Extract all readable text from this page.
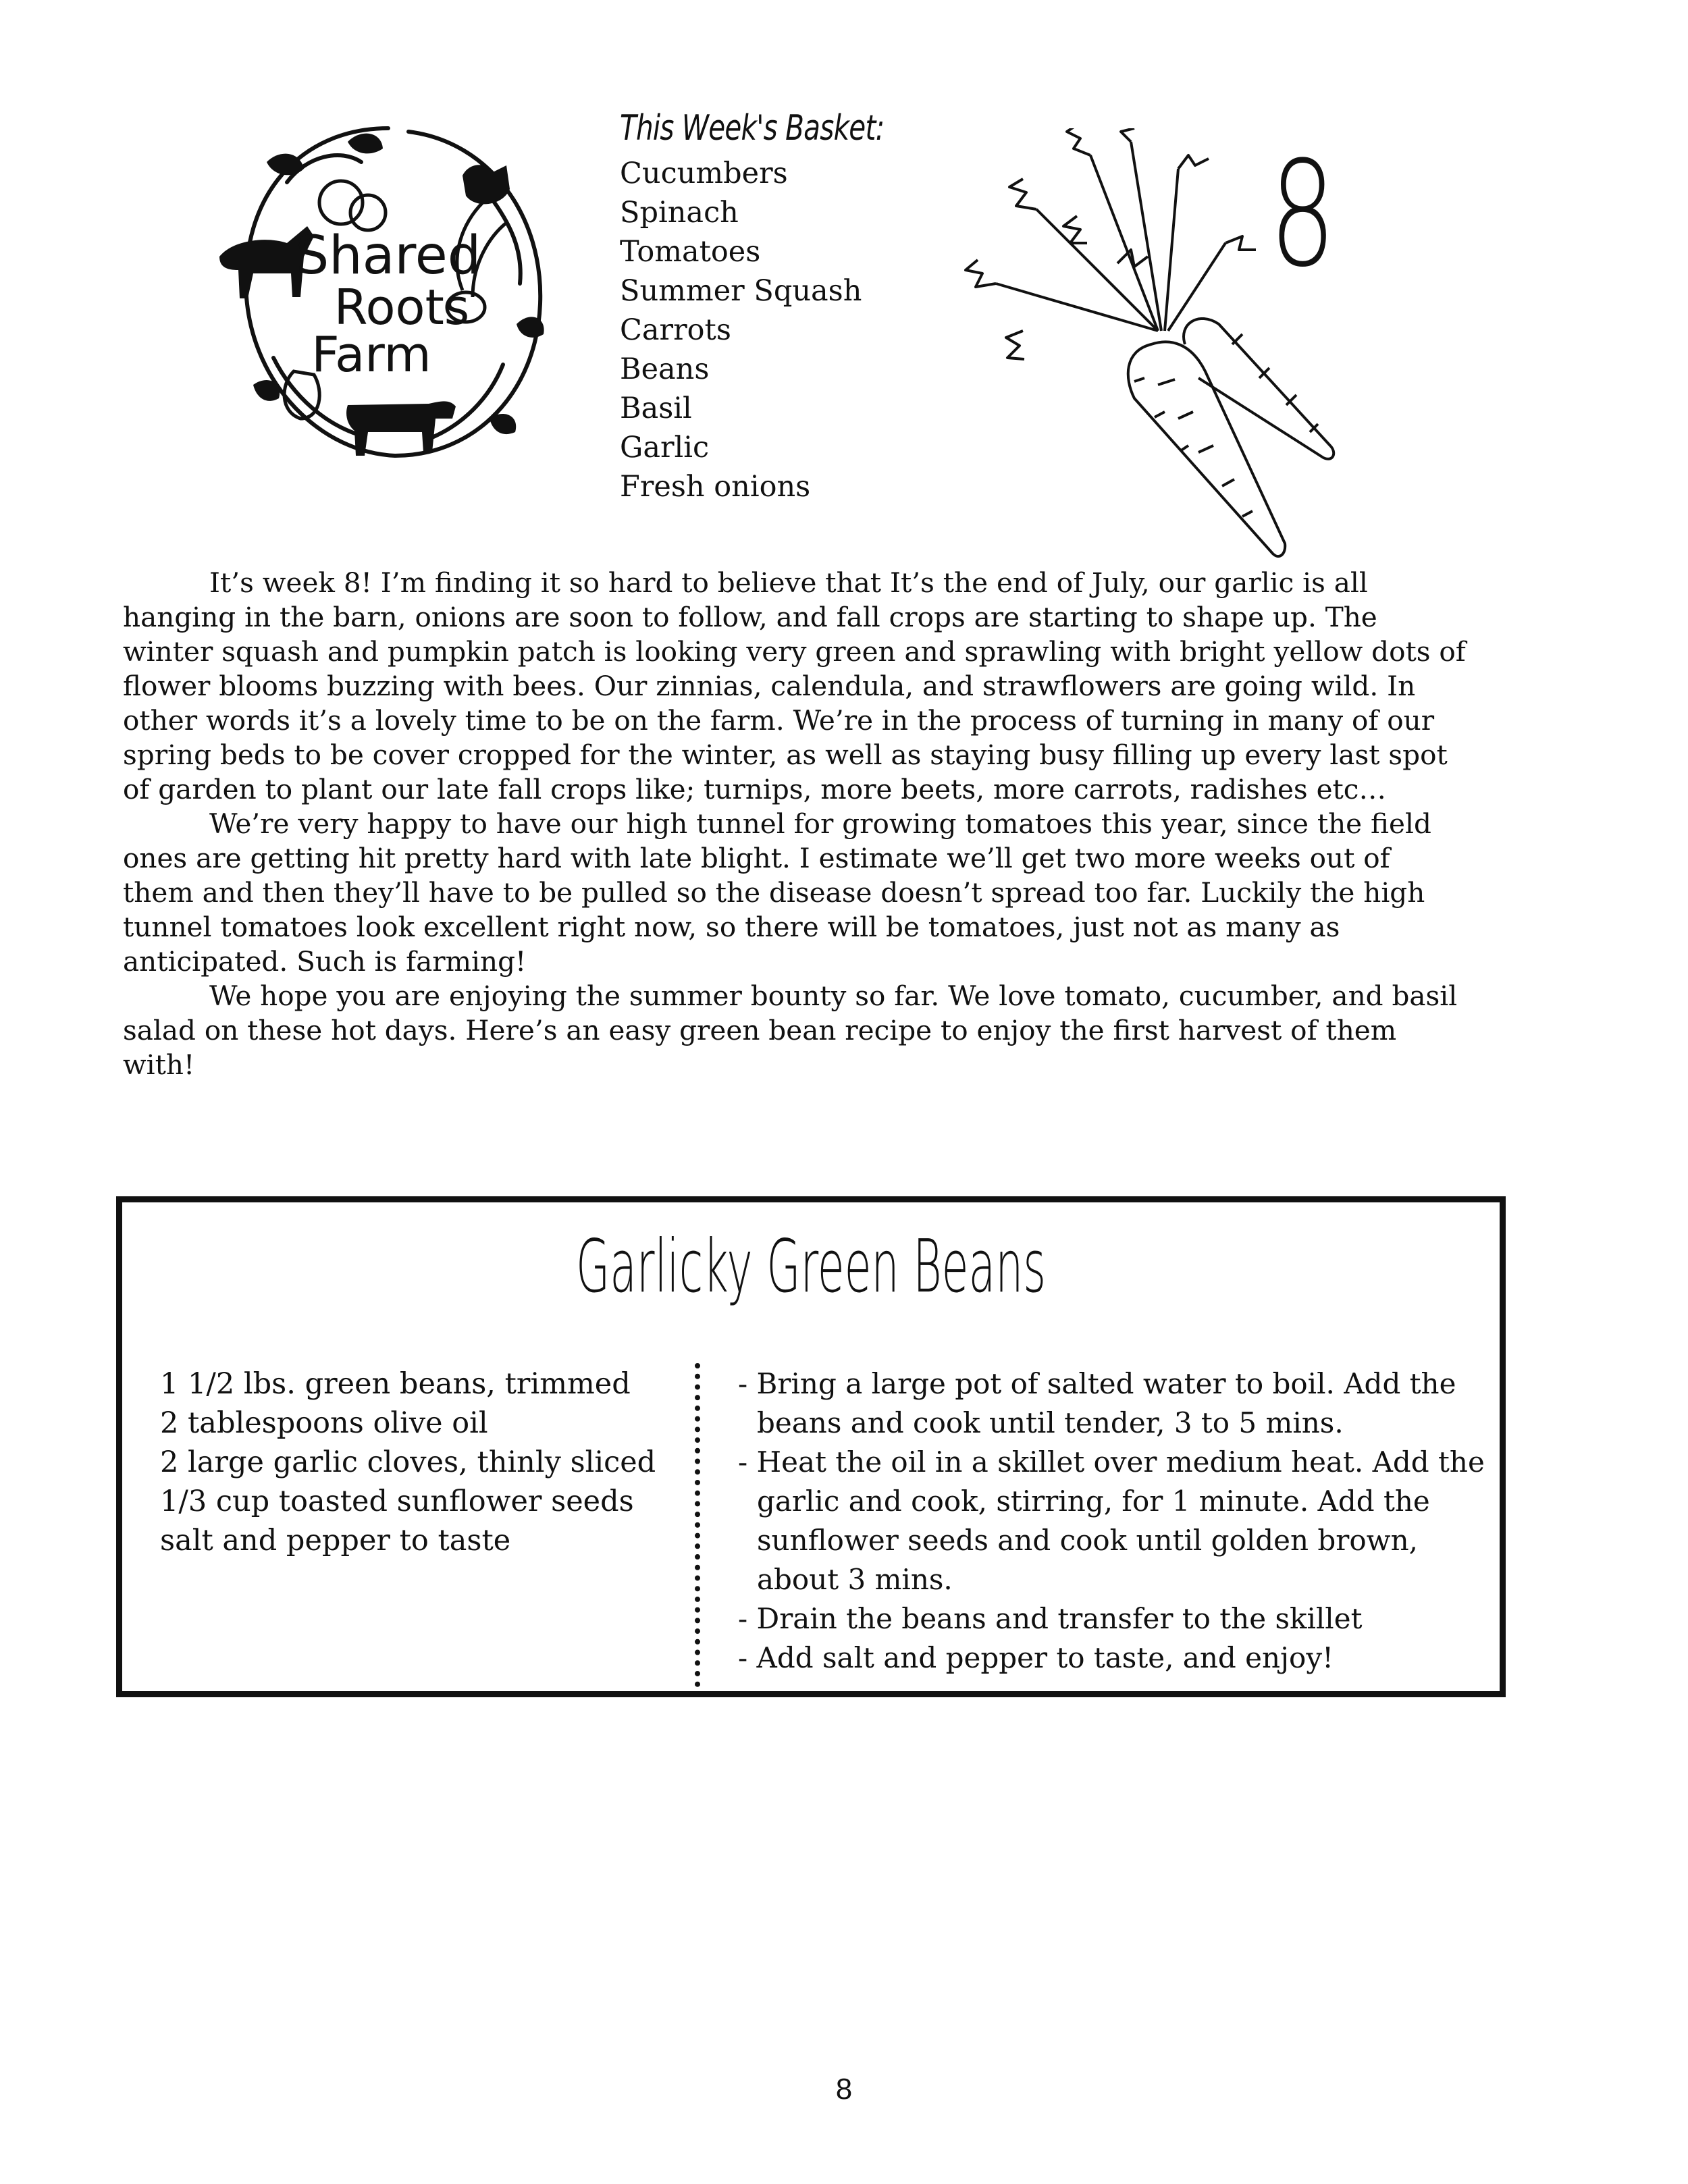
Shared
Roots
Farm
This Week's Basket:
Cucumbers
Spinach
Tomatoes
Summer Squash
Carrots
Beans
Basil
Garlic
Fresh onions
8

It’s week 8! I’m finding it so hard to believe that It’s the end of July, our garlic is all hanging in the barn, onions are soon to follow, and fall crops are starting to shape up. The winter squash and pumpkin patch is looking very green and sprawling with bright yellow dots of flower blooms buzzing with bees. Our zinnias, calendula, and strawflowers are going wild. In other words it’s a lovely time to be on the farm. We’re in the process of turning in many of our spring beds to be cover cropped for the winter, as well as staying busy filling up every last spot of garden to plant our late fall crops like; turnips, more beets, more carrots, radishes etc…

We’re very happy to have our high tunnel for growing tomatoes this year, since the field ones are getting hit pretty hard with late blight. I estimate we’ll get two more weeks out of them and then they’ll have to be pulled so the disease doesn’t spread too far. Luckily the high tunnel tomatoes look excellent right now, so there will be tomatoes, just not as many as anticipated. Such is farming!

We hope you are enjoying the summer bounty so far. We love tomato, cucumber, and basil salad on these hot days. Here’s an easy green bean recipe to enjoy the first harvest of them with!

Garlicky Green Beans
1 1/2 lbs. green beans, trimmed
2 tablespoons olive oil
2 large garlic cloves, thinly sliced
1/3 cup toasted sunflower seeds
salt and pepper to taste
- Bring a large pot of salted water to boil. Add the beans and cook until tender, 3 to 5 mins.
- Heat the oil in a skillet over medium heat. Add the garlic and cook, stirring, for 1 minute. Add the sunflower seeds and cook until golden brown, about 3 mins.
- Drain the beans and transfer to the skillet
- Add salt and pepper to taste, and enjoy!
8
